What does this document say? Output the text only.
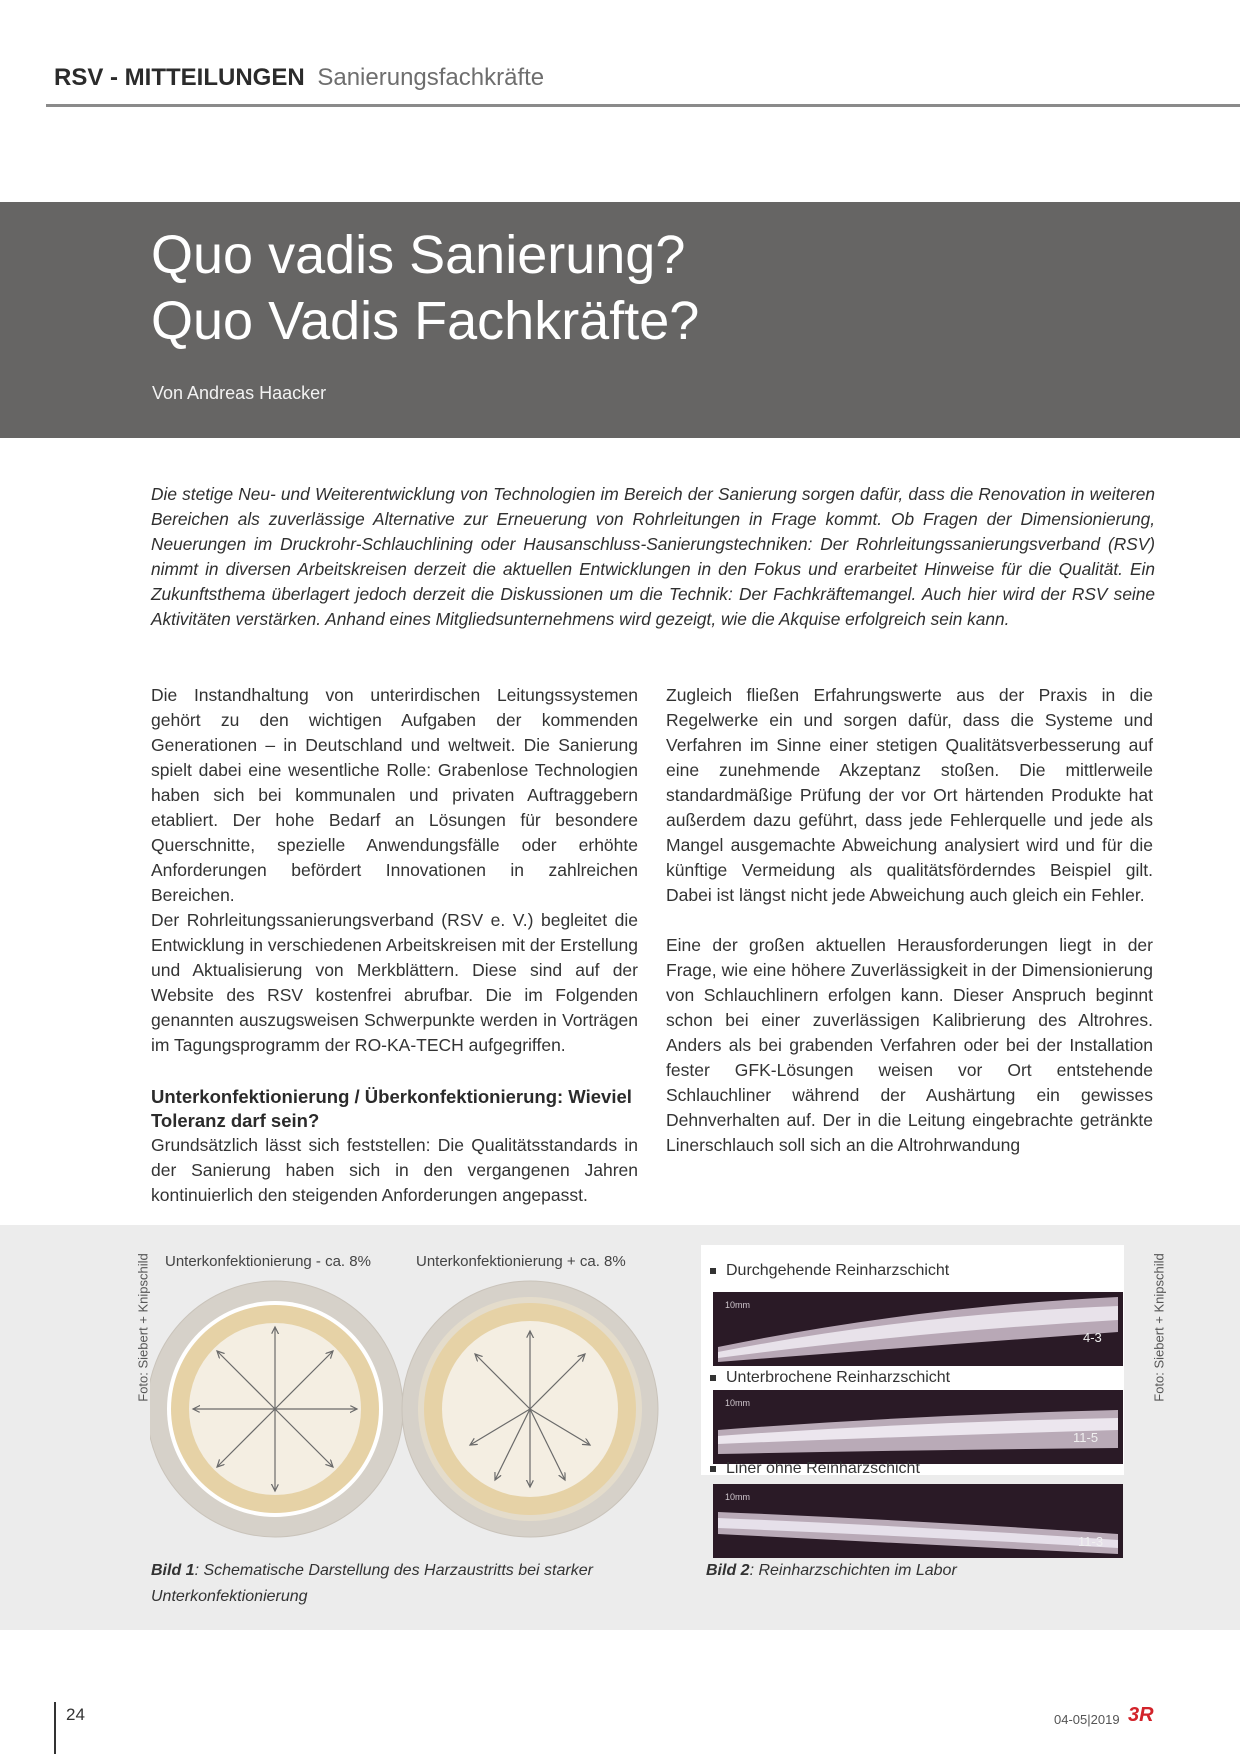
RSV - MITTEILUNGEN Sanierungsfachkräfte
Quo vadis Sanierung?
Quo Vadis Fachkräfte?
Von Andreas Haacker

Die stetige Neu- und Weiterentwicklung von Technologien im Bereich der Sanierung sorgen dafür, dass die Renovation in weiteren Bereichen als zuverlässige Alternative zur Erneuerung von Rohrleitungen in Frage kommt. Ob Fragen der Dimensionierung, Neuerungen im Druckrohr-Schlauchlining oder Hausanschluss-Sanierungstechniken: Der Rohrleitungssanierungsverband (RSV) nimmt in diversen Arbeitskreisen derzeit die aktuellen Entwicklungen in den Fokus und erarbeitet Hinweise für die Qualität. Ein Zukunftsthema überlagert jedoch derzeit die Diskussionen um die Technik: Der Fachkräftemangel. Auch hier wird der RSV seine Aktivitäten verstärken. Anhand eines Mitgliedsunternehmens wird gezeigt, wie die Akquise erfolgreich sein kann.

Die Instandhaltung von unterirdischen Leitungssystemen gehört zu den wichtigen Aufgaben der kommenden Generationen – in Deutschland und weltweit. Die Sanierung spielt dabei eine wesentliche Rolle: Grabenlose Technologien haben sich bei kommunalen und privaten Auftraggebern etabliert. Der hohe Bedarf an Lösungen für besondere Querschnitte, spezielle Anwendungsfälle oder erhöhte Anforderungen befördert Innovationen in zahlreichen Bereichen.

Der Rohrleitungssanierungsverband (RSV e. V.) begleitet die Entwicklung in verschiedenen Arbeitskreisen mit der Erstellung und Aktualisierung von Merkblättern. Diese sind auf der Website des RSV kostenfrei abrufbar. Die im Folgenden genannten auszugsweisen Schwerpunkte werden in Vorträgen im Tagungsprogramm der RO-KA-TECH aufgegriffen.

Unterkonfektionierung / Überkonfektionierung: Wieviel Toleranz darf sein?

Grundsätzlich lässt sich feststellen: Die Qualitätsstandards in der Sanierung haben sich in den vergangenen Jahren kontinuierlich den steigenden Anforderungen angepasst.

Zugleich fließen Erfahrungswerte aus der Praxis in die Regelwerke ein und sorgen dafür, dass die Systeme und Verfahren im Sinne einer stetigen Qualitätsverbesserung auf eine zunehmende Akzeptanz stoßen. Die mittlerweile standardmäßige Prüfung der vor Ort härtenden Produkte hat außerdem dazu geführt, dass jede Fehlerquelle und jede als Mangel ausgemachte Abweichung analysiert wird und für die künftige Vermeidung als qualitätsförderndes Beispiel gilt. Dabei ist längst nicht jede Abweichung auch gleich ein Fehler.

Eine der großen aktuellen Herausforderungen liegt in der Frage, wie eine höhere Zuverlässigkeit in der Dimensionierung von Schlauchlinern erfolgen kann. Dieser Anspruch beginnt schon bei einer zuverlässigen Kalibrierung des Altrohres. Anders als bei grabenden Verfahren oder bei der Installation fester GFK-Lösungen weisen vor Ort entstehende Schlauchliner während der Aushärtung ein gewisses Dehnverhalten auf. Der in die Leitung eingebrachte getränkte Linerschlauch soll sich an die Altrohrwandung

Foto: Siebert + Knipschild Unterkonfektionierung - ca. 8%	Unterkonfektionierung + ca. 8%
Bild 1: Schematische Darstellung des Harzaustritts bei starker Unterkonfektionierung
Durchgehende Reinharzschicht
10mm
4-3
Unterbrochene Reinharzschicht
10mm
11-5
Liner ohne Reinharzschicht
10mm
11-3
Foto: Siebert + Knipschild
Bild 2: Reinharzschichten im Labor
24	04-05|2019 3R
